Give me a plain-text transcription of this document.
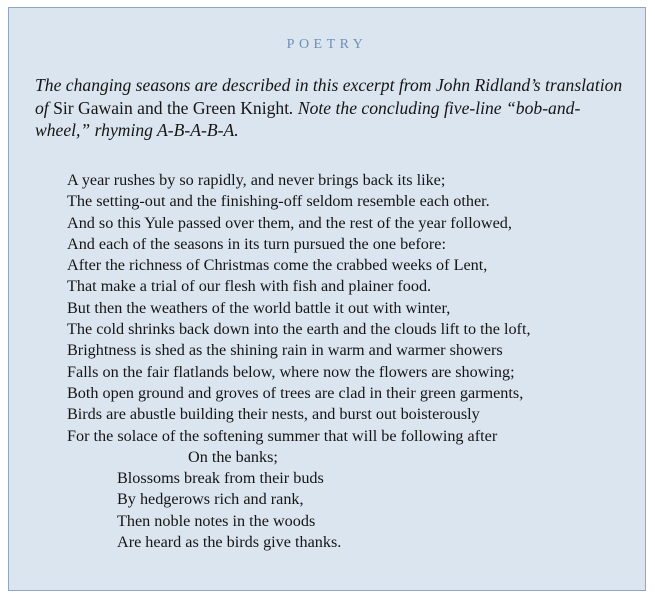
POETRY
The changing seasons are described in this excerpt from John Ridland’s translation of Sir Gawain and the Green Knight. Note the concluding five-line “bob-and-wheel,” rhyming A-B-A-B-A.
A year rushes by so rapidly, and never brings back its like;
The setting-out and the finishing-off seldom resemble each other.
And so this Yule passed over them, and the rest of the year followed,
And each of the seasons in its turn pursued the one before:
After the richness of Christmas come the crabbed weeks of Lent,
That make a trial of our flesh with fish and plainer food.
But then the weathers of the world battle it out with winter,
The cold shrinks back down into the earth and the clouds lift to the loft,
Brightness is shed as the shining rain in warm and warmer showers
Falls on the fair flatlands below, where now the flowers are showing;
Both open ground and groves of trees are clad in their green garments,
Birds are abustle building their nests, and burst out boisterously
For the solace of the softening summer that will be following after
On the banks;
Blossoms break from their buds
By hedgerows rich and rank,
Then noble notes in the woods
Are heard as the birds give thanks.
